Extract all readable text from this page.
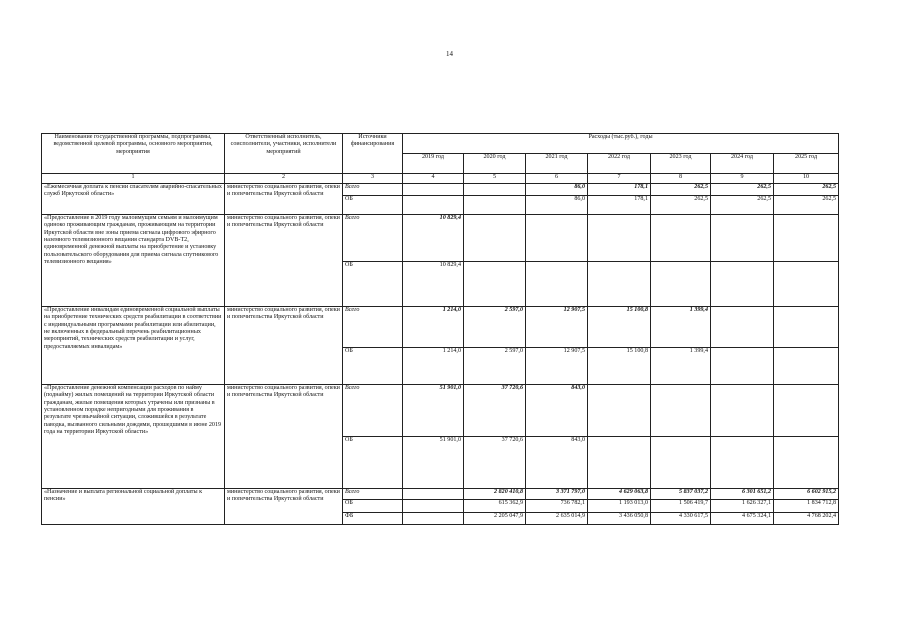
14
Наименование государственной программы, подпрограммы, ведомственной целевой программы, основного мероприятия, мероприятия	Ответственный исполнитель, соисполнители, участники, исполнители мероприятий	Источники финансирования	Расходы (тыс.руб.), годы						
			2019 год	2020 год	2021 год	2022 год	2023 год	2024 год	2025 год
1	2	3	4	5	6	7	8	9	10
«Ежемесячная доплата к пенсии спасателям аварийно-спасательных служб Иркутской области»	министерство социального развития, опеки и попечительства Иркутской области	Всего			86,0	178,1	262,5	262,5	262,5
		ОБ			86,0	178,1	262,5	262,5	262,5
«Предоставление в 2019 году малоимущим семьям и малоимущим одиноко проживающим гражданам, проживающим на территории Иркутской области вне зоны приема сигнала цифрового эфирного наземного телевизионного вещания стандарта DVB-T2, единовременной денежной выплаты на приобретение и установку пользовательского оборудования для приема сигнала спутникового телевизионного вещания»	министерство социального развития, опеки и попечительства Иркутской области	Всего	10 829,4						
		ОБ	10 829,4						
«Предоставление инвалидам единовременной социальной выплаты на приобретение технических средств реабилитации в соответствии с индивидуальными программами реабилитации или абилитации, не включенных в федеральный перечень реабилитационных мероприятий, технических средств реабилитации и услуг, предоставляемых инвалидам»	министерство социального развития, опеки и попечительства Иркутской области	Всего	1 214,0	2 597,0	12 907,5	15 100,8	1 399,4		
		ОБ	1 214,0	2 597,0	12 907,5	15 100,8	1 399,4		
«Предоставление денежной компенсации расходов по найму (поднайму) жилых помещений на территории Иркутской области гражданам, жилые помещения которых утрачены или признаны в установленном порядке непригодными для проживания в результате чрезвычайной ситуации, сложившейся в результате паводка, вызванного сильными дождями, прошедшими в июне 2019 года на территории Иркутской области»	министерство социального развития, опеки и попечительства Иркутской области	Всего	51 901,0	37 720,6	843,0				
		ОБ	51 901,0	37 720,6	843,0				
«Назначение и выплата региональной социальной доплаты к пенсии»	министерство социального развития, опеки и попечительства Иркутской области	Всего		2 820 410,8	3 371 797,0	4 629 063,8	5 837 037,2	6 301 651,2	6 602 915,2
		ОБ		615 362,9	736 782,1	1 193 013,0	1 506 419,7	1 626 327,1	1 834 712,8
		ФБ		2 205 047,9	2 635 014,9	3 436 050,8	4 330 617,5	4 675 324,1	4 768 202,4
